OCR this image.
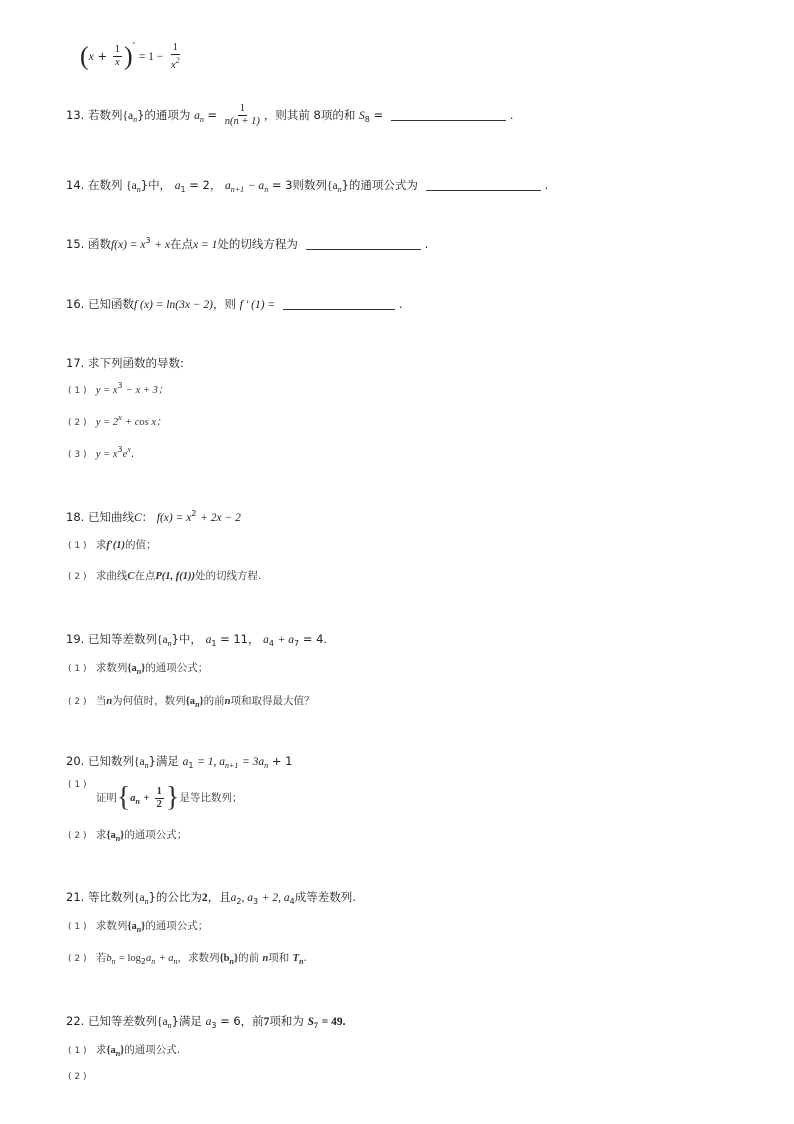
($x + \frac{1}{x}$ )′ = $1 - \frac{1}{x^2}$
13. 若数列$\{a_n\}$的通项为 $a_n = \frac{1}{n(n + 1)}$ ，则其前 8项的和 $S_8$ =	.
14. 在数列 $\{a_n\}$中， $a_1 = 2$， $a_{n+1} - a_n = 3$则数列$\{a_n\}$的通项公式为	.
15. 函数$f(x) = x^3 + x$在点x = 1处的切线方程为	.
16. 已知函数f (x) = ln(3x − 2)，则 f ′ (1) =	.
17. 求下列函数的导数:
( 1 ) $y = x^3 - x + 3$；
( 2 ) $y = 2^x + \cos x$；
( 3 ) $y = x^3e^x$.
18. 已知曲线C： $f(x) = x^2 + 2x - 2$
( 1 ) 求f′(1)的值；
( 2 ) 求曲线C在点P(1, f(1))处的切线方程.
19. 已知等差数列$\{a_n\}$中， $a_1 = 11$， $a_4 + a_7 = 4$.
( 1 ) 求数列$\{a_n\}$的通项公式；
( 2 ) 当n为何值时，数列$\{a_n\}$的前n项和取得最大值？
20. 已知数列$\{a_n\}$满足 $a_1 = 1$, $a_{n+1} = 3a_n + 1$
( 1 ) 证明{$a_n + \frac{1}{2}$ }是等比数列；
( 2 ) 求$\{a_n\}$的通项公式；
21. 等比数列$\{a_n\}$的公比为2，且$a_2$, $a_3 + 2$, $a_4$成等差数列.
( 1 ) 求数列$\{a_n\}$的通项公式；
( 2 ) 若$b_n = \log_2a_n + a_n$，求数列$\{b_n\}$的前 n项和 $T_n$.
22. 已知等差数列$\{a_n\}$满足 $a_3 = 6$，前7项和为 $S_7 = 49$.
( 1 ) 求$\{a_n\}$的通项公式.
( 2 )
